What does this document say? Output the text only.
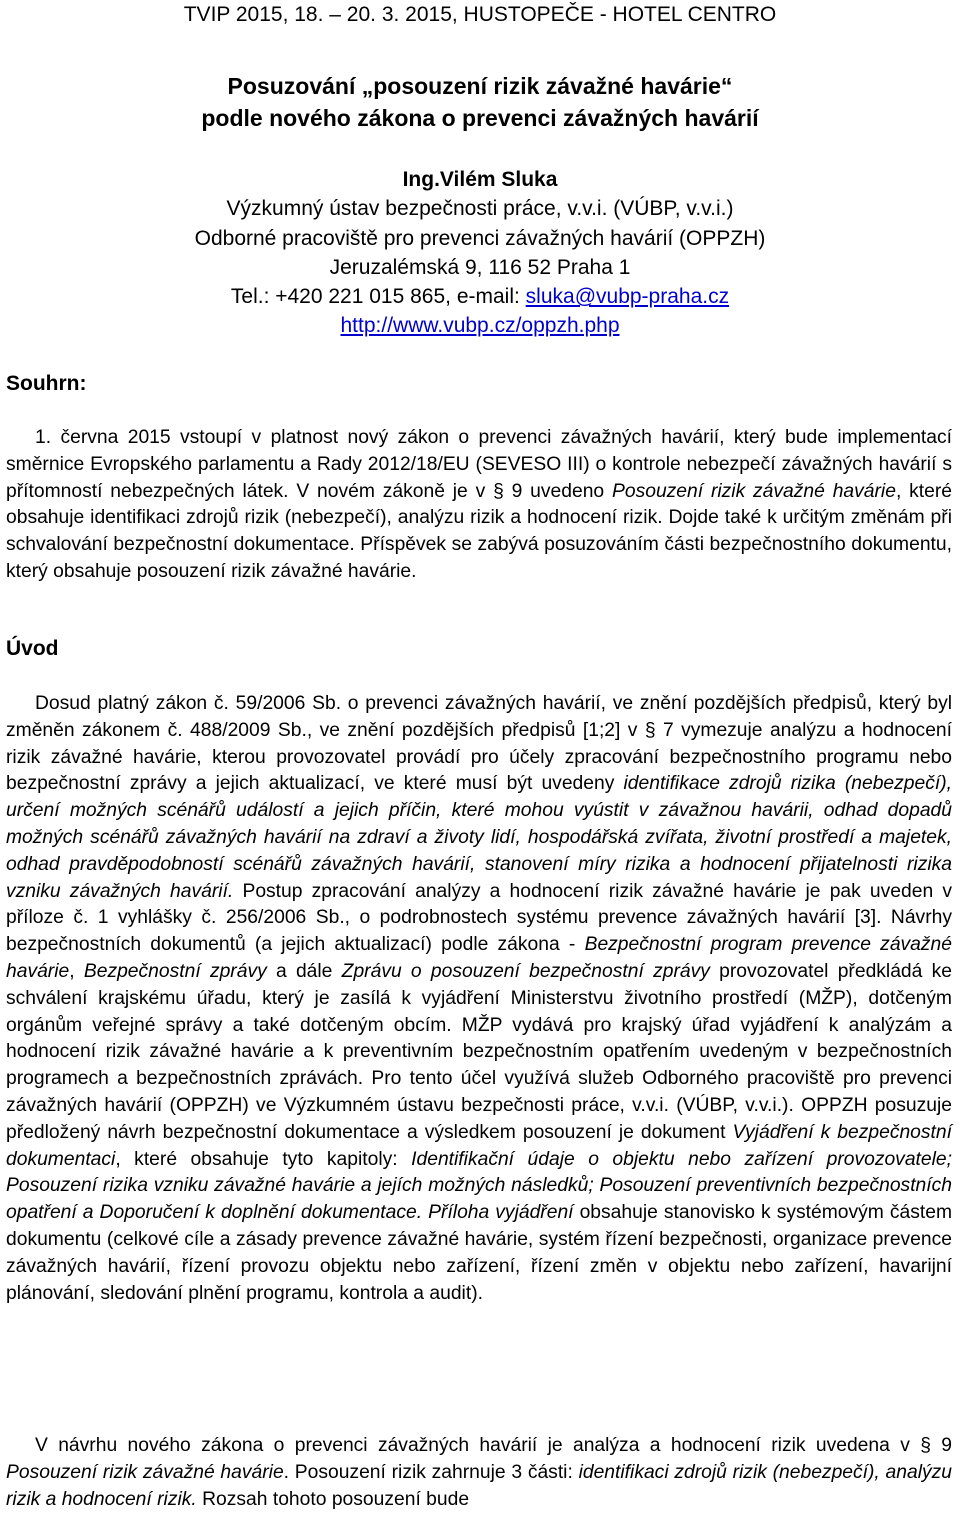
TVIP 2015, 18. – 20. 3. 2015, HUSTOPEČE - HOTEL CENTRO
Posuzování „posouzení rizik závažné havárie“
podle nového zákona o prevenci závažných havárií
Ing.Vilém Sluka
Výzkumný ústav bezpečnosti práce, v.v.i. (VÚBP, v.v.i.)
Odborné pracoviště pro prevenci závažných havárií (OPPZH)
Jeruzalémská 9, 116 52 Praha 1
Tel.: +420 221 015 865, e-mail: sluka@vubp-praha.cz
http://www.vubp.cz/oppzh.php
Souhrn:
1. června 2015 vstoupí v platnost nový zákon o prevenci závažných havárií, který bude implementací směrnice Evropského parlamentu a Rady 2012/18/EU (SEVESO III) o kontrole nebezpečí závažných havárií s přítomností nebezpečných látek. V novém zákoně je v § 9 uvedeno Posouzení rizik závažné havárie, které obsahuje identifikaci zdrojů rizik (nebezpečí), analýzu rizik a hodnocení rizik. Dojde také k určitým změnám při schvalování bezpečnostní dokumentace. Příspěvek se zabývá posuzováním části bezpečnostního dokumentu, který obsahuje posouzení rizik závažné havárie.
Úvod
Dosud platný zákon č. 59/2006 Sb. o prevenci závažných havárií, ve znění pozdějších předpisů, který byl změněn zákonem č. 488/2009 Sb., ve znění pozdějších předpisů [1;2] v § 7 vymezuje analýzu a hodnocení rizik závažné havárie, kterou provozovatel provádí pro účely zpracování bezpečnostního programu nebo bezpečnostní zprávy a jejich aktualizací, ve které musí být uvedeny identifikace zdrojů rizika (nebezpečí), určení možných scénářů událostí a jejich příčin, které mohou vyústit v závažnou havárii, odhad dopadů možných scénářů závažných havárií na zdraví a životy lidí, hospodářská zvířata, životní prostředí a majetek, odhad pravděpodobností scénářů závažných havárií, stanovení míry rizika a hodnocení přijatelnosti rizika vzniku závažných havárií. Postup zpracování analýzy a hodnocení rizik závažné havárie je pak uveden v příloze č. 1 vyhlášky č. 256/2006 Sb., o podrobnostech systému prevence závažných havárií [3]. Návrhy bezpečnostních dokumentů (a jejich aktualizací) podle zákona - Bezpečnostní program prevence závažné havárie, Bezpečnostní zprávy a dále Zprávu o posouzení bezpečnostní zprávy provozovatel předkládá ke schválení krajskému úřadu, který je zasílá k vyjádření Ministerstvu životního prostředí (MŽP), dotčeným orgánům veřejné správy a také dotčeným obcím. MŽP vydává pro krajský úřad vyjádření k analýzám a hodnocení rizik závažné havárie a k preventivním bezpečnostním opatřením uvedeným v bezpečnostních programech a bezpečnostních zprávách. Pro tento účel využívá služeb Odborného pracoviště pro prevenci závažných havárií (OPPZH) ve Výzkumném ústavu bezpečnosti práce, v.v.i. (VÚBP, v.v.i.). OPPZH posuzuje předložený návrh bezpečnostní dokumentace a výsledkem posouzení je dokument Vyjádření k bezpečnostní dokumentaci, které obsahuje tyto kapitoly: Identifikační údaje o objektu nebo zařízení provozovatele; Posouzení rizika vzniku závažné havárie a jejích možných následků; Posouzení preventivních bezpečnostních opatření a Doporučení k doplnění dokumentace. Příloha vyjádření obsahuje stanovisko k systémovým částem dokumentu (celkové cíle a zásady prevence závažné havárie, systém řízení bezpečnosti, organizace prevence závažných havárií, řízení provozu objektu nebo zařízení, řízení změn v objektu nebo zařízení, havarijní plánování, sledování plnění programu, kontrola a audit).
V návrhu nového zákona o prevenci závažných havárií je analýza a hodnocení rizik uvedena v § 9 Posouzení rizik závažné havárie. Posouzení rizik zahrnuje 3 části: identifikaci zdrojů rizik (nebezpečí), analýzu rizik a hodnocení rizik. Rozsah tohoto posouzení bude
